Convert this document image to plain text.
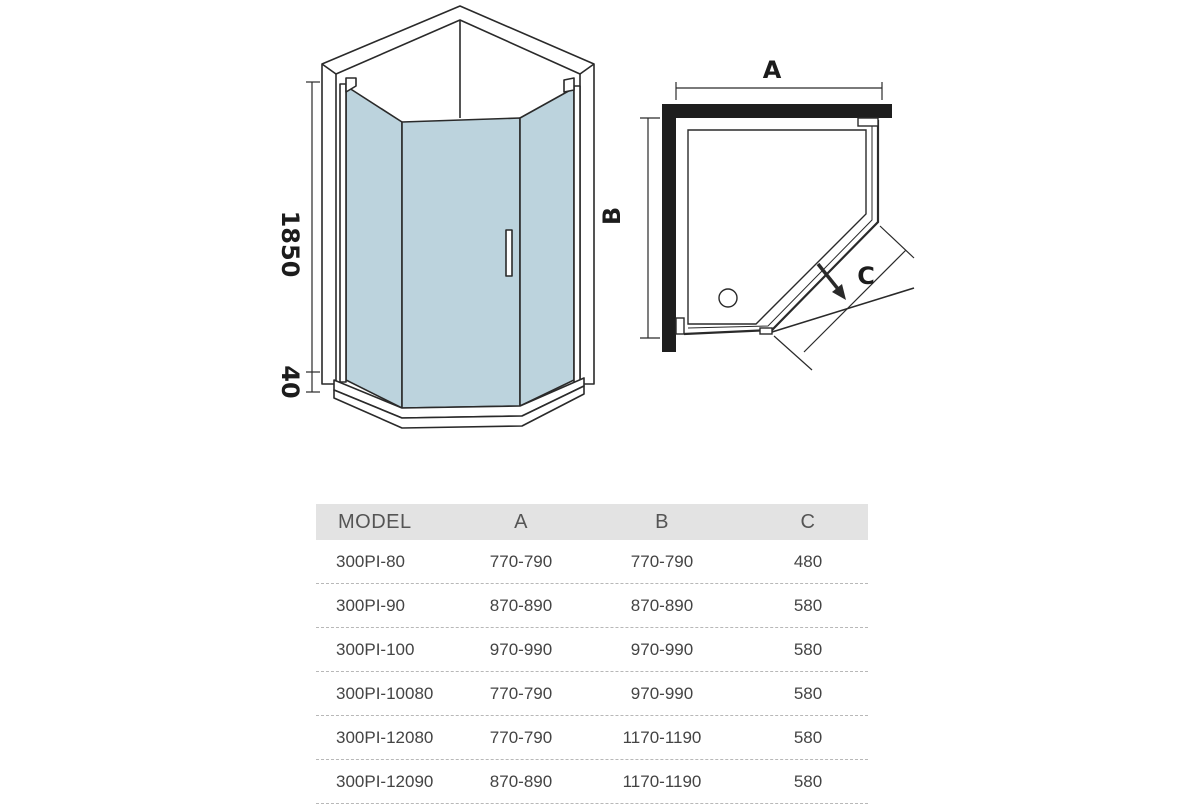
1850
40
A
B
C
MODEL	A	B	C
300PI-80	770-790	770-790	480
300PI-90	870-890	870-890	580
300PI-100	970-990	970-990	580
300PI-10080	770-790	970-990	580
300PI-12080	770-790	1170-1190	580
300PI-12090	870-890	1170-1190	580
